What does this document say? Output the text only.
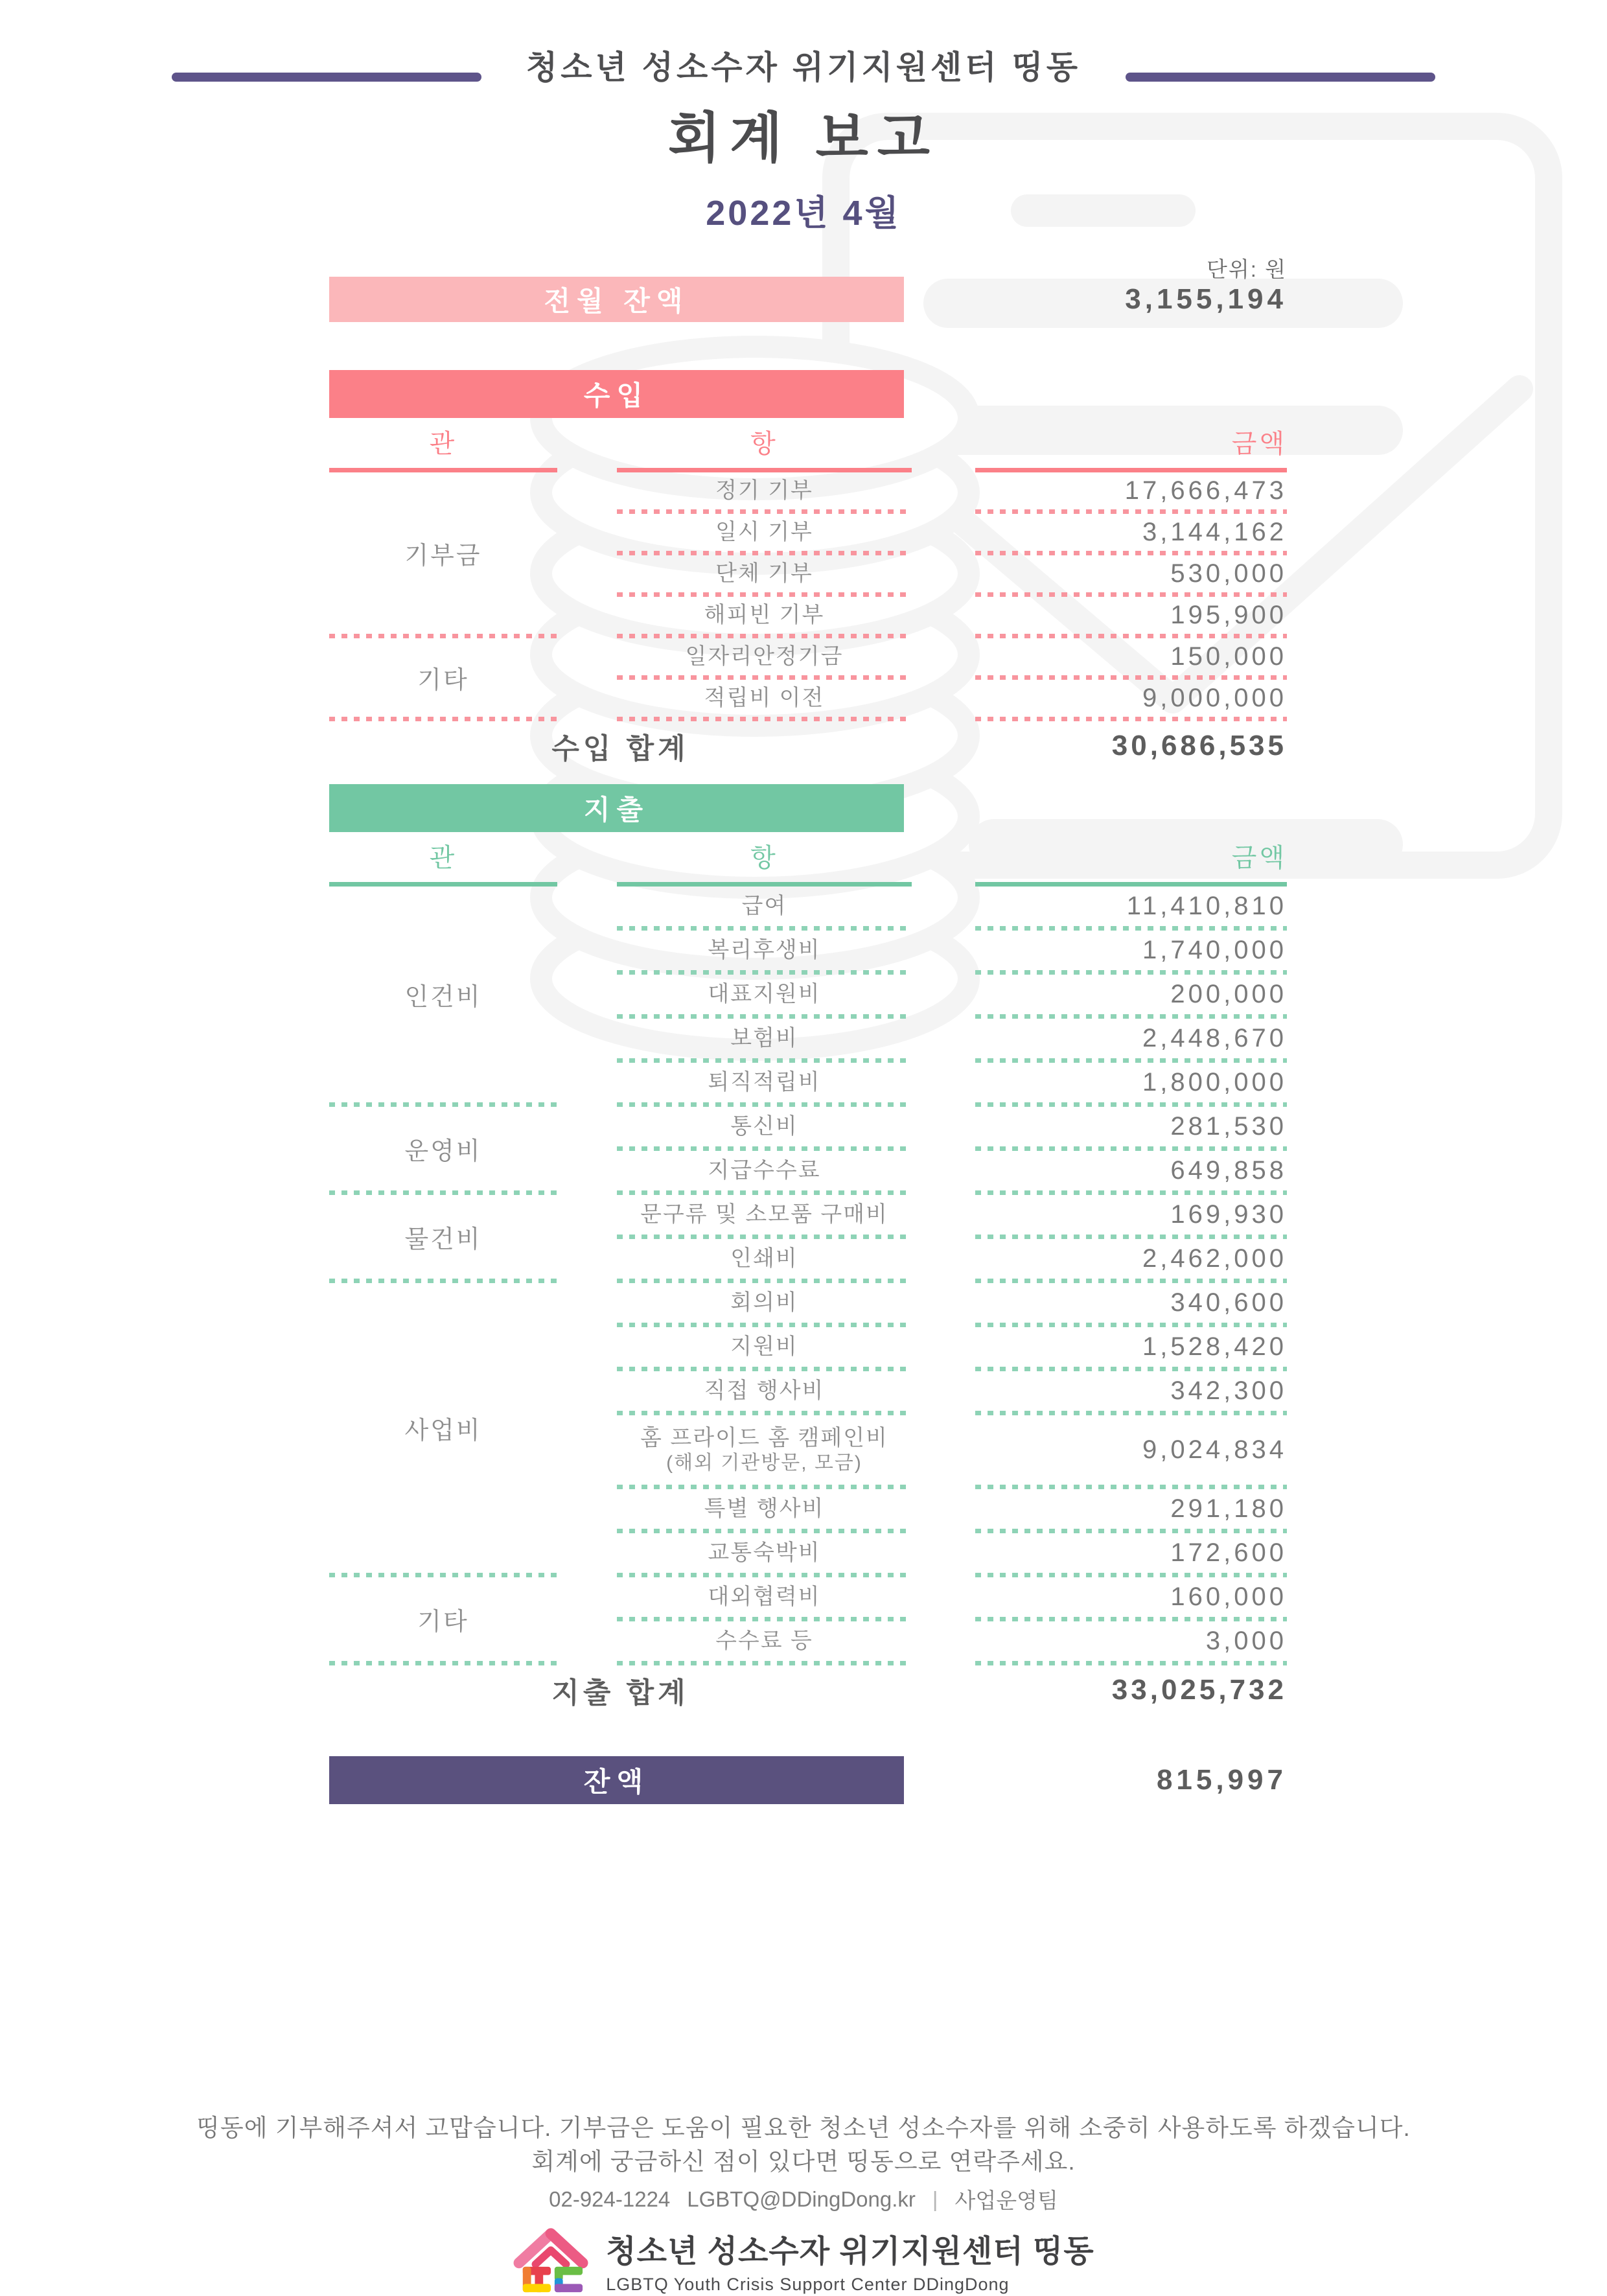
청소년 성소수자 위기지원센터 띵동
회계 보고
2022년 4월
단위: 원
전월 잔액	3,155,194
수입
관	항	금액
기부금
정기 기부	17,666,473
일시 기부	3,144,162
단체 기부	530,000
해피빈 기부	195,900
기타
일자리안정기금	150,000
적립비 이전	9,000,000
수입 합계	30,686,535
지출
관	항	금액
인건비
급여	11,410,810
복리후생비	1,740,000
대표지원비	200,000
보험비	2,448,670
퇴직적립비	1,800,000
운영비
통신비	281,530
지급수수료	649,858
물건비
문구류 및 소모품 구매비	169,930
인쇄비	2,462,000
사업비
회의비	340,600
지원비	1,528,420
직접 행사비	342,300
홈 프라이드 홈 캠페인비
(해외 기관방문, 모금)	9,024,834
특별 행사비	291,180
교통숙박비	172,600
기타
대외협력비	160,000
수수료 등	3,000
지출 합계	33,025,732
잔액	815,997

띵동에 기부해주셔서 고맙습니다. 기부금은 도움이 필요한 청소년 성소수자를 위해 소중히 사용하도록 하겠습니다.

회계에 궁금하신 점이 있다면 띵동으로 연락주세요.

02-924-1224 LGBTQ@DDingDong.kr | 사업운영팀
청소년 성소수자 위기지원센터 띵동
LGBTQ Youth Crisis Support Center DDingDong
